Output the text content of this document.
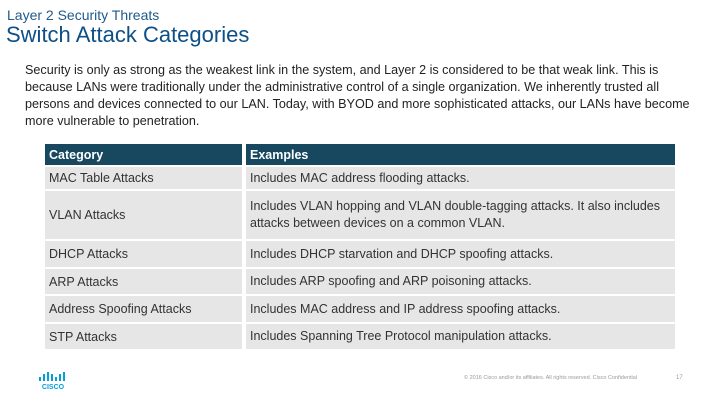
Layer 2 Security Threats
Switch Attack Categories

Security is only as strong as the weakest link in the system, and Layer 2 is considered to be that weak link. This is because LANs were traditionally under the administrative control of a single organization. We inherently trusted all persons and devices connected to our LAN. Today, with BYOD and more sophisticated attacks, our LANs have become more vulnerable to penetration.

Category	Examples
MAC Table Attacks	Includes MAC address flooding attacks.
VLAN Attacks	Includes VLAN hopping and VLAN double-tagging attacks. It also includes attacks between devices on a common VLAN.
DHCP Attacks	Includes DHCP starvation and DHCP spoofing attacks.
ARP Attacks	Includes ARP spoofing and ARP poisoning attacks.
Address Spoofing Attacks	Includes MAC address and IP address spoofing attacks.
STP Attacks	Includes Spanning Tree Protocol manipulation attacks.
CISCO
© 2016 Cisco and/or its affiliates. All rights reserved. Cisco Confidential	17
